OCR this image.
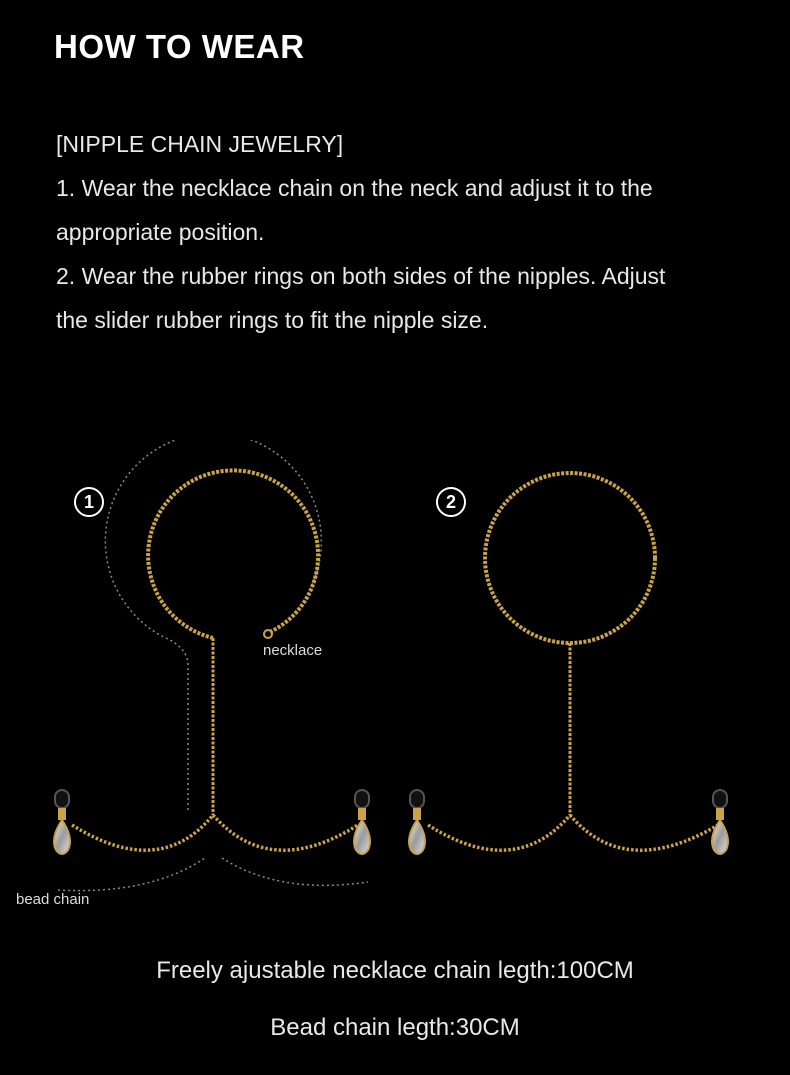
HOW TO WEAR
[NIPPLE CHAIN JEWELRY]
1. Wear the necklace chain on the neck and adjust it to the
appropriate position.
2. Wear the rubber rings on both sides of the nipples. Adjust
the slider rubber rings to fit the nipple size.
1	2
necklace
bead chain
Freely ajustable necklace chain legth:100CM
Bead chain legth:30CM
